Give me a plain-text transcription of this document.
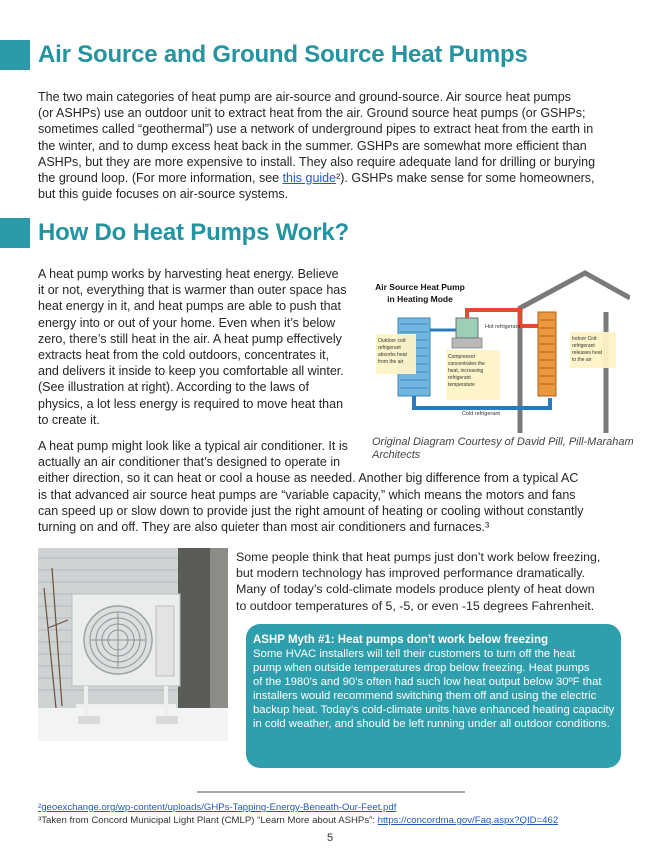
Air Source and Ground Source Heat Pumps
The two main categories of heat pump are air-source and ground-source. Air source heat pumps
(or ASHPs) use an outdoor unit to extract heat from the air. Ground source heat pumps (or GSHPs;
sometimes called “geothermal”) use a network of underground pipes to extract heat from the earth in
the winter, and to dump excess heat back in the summer. GSHPs are somewhat more efficient than
ASHPs, but they are more expensive to install. They also require adequate land for drilling or burying
the ground loop. (For more information, see this guide²). GSHPs make sense for some homeowners,
but this guide focuses on air-source systems.
How Do Heat Pumps Work?
A heat pump works by harvesting heat energy. Believe
it or not, everything that is warmer than outer space has
heat energy in it, and heat pumps are able to push that
energy into or out of your home. Even when it’s below
zero, there’s still heat in the air. A heat pump effectively
extracts heat from the cold outdoors, concentrates it,
and delivers it inside to keep you comfortable all winter.
(See illustration at right). According to the laws of
physics, a lot less energy is required to move heat than
to create it.
A heat pump might look like a typical air conditioner. It is
actually an air conditioner that’s designed to operate in
either direction, so it can heat or cool a house as needed. Another big difference from a typical AC
is that advanced air source heat pumps are “variable capacity,” which means the motors and fans
can speed up or slow down to provide just the right amount of heating or cooling without constantly
turning on and off. They are also quieter than most air conditioners and furnaces.³
Air Source Heat Pump
in Heating Mode
Hot refrigerant
Cold refrigerant
Outdoor coil: refrigerant absorbs heat from the air
Compressor concentrates the heat, increasing refrigerant temperature
Indoor Coil: refrigerant releases heat to the air
Original Diagram Courtesy of David Pill, Pill-Maraham Architects
Some people think that heat pumps just don’t work below freezing,
but modern technology has improved performance dramatically.
Many of today’s cold-climate models produce plenty of heat down
to outdoor temperatures of 5, -5, or even -15 degrees Fahrenheit.
ASHP Myth #1: Heat pumps don’t work below freezing
Some HVAC installers will tell their customers to turn off the heat
pump when outside temperatures drop below freezing. Heat pumps
of the 1980’s and 90’s often had such low heat output below 30ºF that
installers would recommend switching them off and using the electric
backup heat. Today’s cold-climate units have enhanced heating capacity
in cold weather, and should be left running under all outdoor conditions.
²geoexchange.org/wp-content/uploads/GHPs-Tapping-Energy-Beneath-Our-Feet.pdf
³Taken from Concord Municipal Light Plant (CMLP) “Learn More about ASHPs”: https://concordma.gov/Faq.aspx?QID=462
5
